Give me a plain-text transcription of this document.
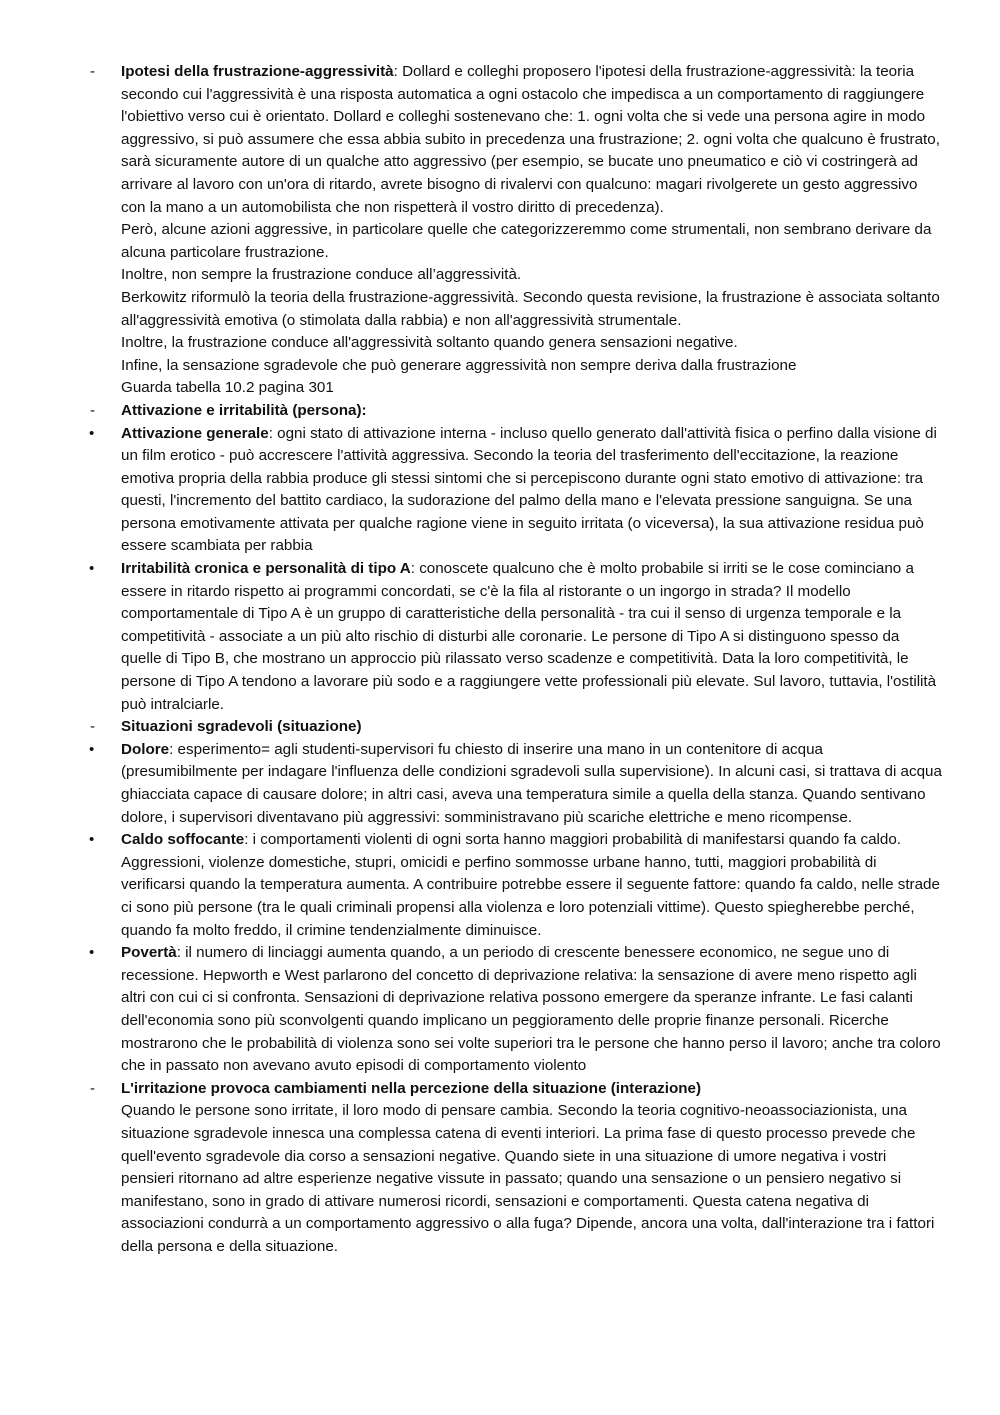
-	Ipotesi della frustrazione-aggressività: Dollard e colleghi proposero l'ipotesi della frustrazione-aggressività: la teoria secondo cui l'aggressività è una risposta automatica a ogni ostacolo che impedisca a un comportamento di raggiungere l'obiettivo verso cui è orientato. Dollard e colleghi sostenevano che: 1. ogni volta che si vede una persona agire in modo aggressivo, si può assumere che essa abbia subito in precedenza una frustrazione; 2. ogni volta che qualcuno è frustrato, sarà sicuramente autore di un qualche atto aggressivo (per esempio, se bucate uno pneumatico e ciò vi costringerà ad arrivare al lavoro con un'ora di ritardo, avrete bisogno di rivalervi con qualcuno: magari rivolgerete un gesto aggressivo con la mano a un automobilista che non rispetterà il vostro diritto di precedenza).

Però, alcune azioni aggressive, in particolare quelle che categorizzeremmo come strumentali, non sembrano derivare da alcuna particolare frustrazione.

Inoltre, non sempre la frustrazione conduce all’aggressività.

Berkowitz riformulò la teoria della frustrazione-aggressività. Secondo questa revisione, la frustrazione è associata soltanto all'aggressività emotiva (o stimolata dalla rabbia) e non all'aggressività strumentale.

Inoltre, la frustrazione conduce all'aggressività soltanto quando genera sensazioni negative.

Infine, la sensazione sgradevole che può generare aggressività non sempre deriva dalla frustrazione

Guarda tabella 10.2 pagina 301

-	Attivazione e irritabilità (persona):

•	Attivazione generale: ogni stato di attivazione interna - incluso quello generato dall'attività fisica o perfino dalla visione di un film erotico - può accrescere l'attività aggressiva. Secondo la teoria del trasferimento dell'eccitazione, la reazione emotiva propria della rabbia produce gli stessi sintomi che si percepiscono durante ogni stato emotivo di attivazione: tra questi, l'incremento del battito cardiaco, la sudorazione del palmo della mano e l'elevata pressione sanguigna. Se una persona emotivamente attivata per qualche ragione viene in seguito irritata (o viceversa), la sua attivazione residua può essere scambiata per rabbia

•	Irritabilità cronica e personalità di tipo A: conoscete qualcuno che è molto probabile si irriti se le cose cominciano a essere in ritardo rispetto ai programmi concordati, se c'è la fila al ristorante o un ingorgo in strada? Il modello comportamentale di Tipo A è un gruppo di caratteristiche della personalità - tra cui il senso di urgenza temporale e la competitività - associate a un più alto rischio di disturbi alle coronarie. Le persone di Tipo A si distinguono spesso da quelle di Tipo B, che mostrano un approccio più rilassato verso scadenze e competitività. Data la loro competitività, le persone di Tipo A tendono a lavorare più sodo e a raggiungere vette professionali più elevate. Sul lavoro, tuttavia, l'ostilità può intralciarle.

-	Situazioni sgradevoli (situazione)

•	Dolore: esperimento= agli studenti-supervisori fu chiesto di inserire una mano in un contenitore di acqua (presumibilmente per indagare l'influenza delle condizioni sgradevoli sulla supervisione). In alcuni casi, si trattava di acqua ghiacciata capace di causare dolore; in altri casi, aveva una temperatura simile a quella della stanza. Quando sentivano dolore, i supervisori diventavano più aggressivi: somministravano più scariche elettriche e meno ricompense.

•	Caldo soffocante: i comportamenti violenti di ogni sorta hanno maggiori probabilità di manifestarsi quando fa caldo. Aggressioni, violenze domestiche, stupri, omicidi e perfino sommosse urbane hanno, tutti, maggiori probabilità di verificarsi quando la temperatura aumenta. A contribuire potrebbe essere il seguente fattore: quando fa caldo, nelle strade ci sono più persone (tra le quali criminali propensi alla violenza e loro potenziali vittime). Questo spiegherebbe perché, quando fa molto freddo, il crimine tendenzialmente diminuisce.

•	Povertà: il numero di linciaggi aumenta quando, a un periodo di crescente benessere economico, ne segue uno di recessione. Hepworth e West parlarono del concetto di deprivazione relativa: la sensazione di avere meno rispetto agli altri con cui ci si confronta. Sensazioni di deprivazione relativa possono emergere da speranze infrante. Le fasi calanti dell'economia sono più sconvolgenti quando implicano un peggioramento delle proprie finanze personali. Ricerche mostrarono che le probabilità di violenza sono sei volte superiori tra le persone che hanno perso il lavoro; anche tra coloro che in passato non avevano avuto episodi di comportamento violento

-	L'irritazione provoca cambiamenti nella percezione della situazione (interazione)

Quando le persone sono irritate, il loro modo di pensare cambia. Secondo la teoria cognitivo-neoassociazionista, una situazione sgradevole innesca una complessa catena di eventi interiori. La prima fase di questo processo prevede che quell'evento sgradevole dia corso a sensazioni negative. Quando siete in una situazione di umore negativa i vostri pensieri ritornano ad altre esperienze negative vissute in passato; quando una sensazione o un pensiero negativo si manifestano, sono in grado di attivare numerosi ricordi, sensazioni e comportamenti. Questa catena negativa di associazioni condurrà a un comportamento aggressivo o alla fuga? Dipende, ancora una volta, dall'interazione tra i fattori della persona e della situazione.
